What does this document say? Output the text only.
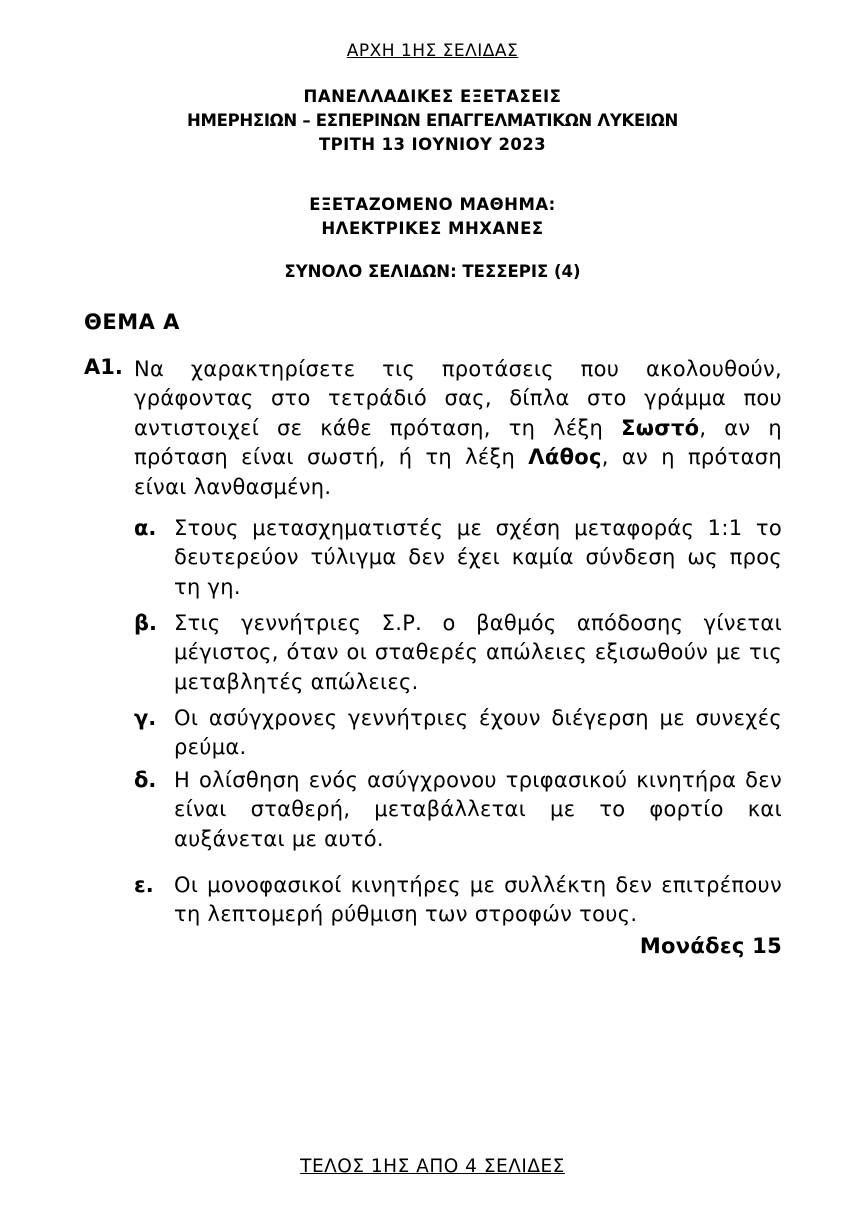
ΑΡΧΗ 1ΗΣ ΣΕΛΙΔΑΣ
ΠΑΝΕΛΛΑΔΙΚΕΣ ΕΞΕΤΑΣΕΙΣ
ΗΜΕΡΗΣΙΩΝ – ΕΣΠΕΡΙΝΩΝ ΕΠΑΓΓΕΛΜΑΤΙΚΩΝ ΛΥΚΕΙΩΝ
ΤΡΙΤΗ 13 ΙΟΥΝΙΟΥ 2023
ΕΞΕΤΑΖΟΜΕΝΟ ΜΑΘΗΜΑ:
ΗΛΕΚΤΡΙΚΕΣ ΜΗΧΑΝΕΣ
ΣΥΝΟΛΟ ΣΕΛΙΔΩΝ: ΤΕΣΣΕΡΙΣ (4)
ΘΕΜΑ Α
A1. Να χαρακτηρίσετε τις προτάσεις που ακολουθούν, γράφοντας στο τετράδιό σας, δίπλα στο γράμμα που αντιστοιχεί σε κάθε πρόταση, τη λέξη Σωστό, αν η πρόταση είναι σωστή, ή τη λέξη Λάθος, αν η πρόταση είναι λανθασμένη.
α. Στους μετασχηματιστές με σχέση μεταφοράς 1:1 το δευτερεύον τύλιγμα δεν έχει καμία σύνδεση ως προς τη γη.
β. Στις γεννήτριες Σ.Ρ. ο βαθμός απόδοσης γίνεται μέγιστος, όταν οι σταθερές απώλειες εξισωθούν με τις μεταβλητές απώλειες.
γ. Οι ασύγχρονες γεννήτριες έχουν διέγερση με συνεχές ρεύμα.
δ. Η ολίσθηση ενός ασύγχρονου τριφασικού κινητήρα δεν είναι σταθερή, μεταβάλλεται με το φορτίο και αυξάνεται με αυτό.
ε. Οι μονοφασικοί κινητήρες με συλλέκτη δεν επιτρέπουν τη λεπτομερή ρύθμιση των στροφών τους.
Μονάδες 15
ΤΕΛΟΣ 1ΗΣ ΑΠΟ 4 ΣΕΛΙΔΕΣ
